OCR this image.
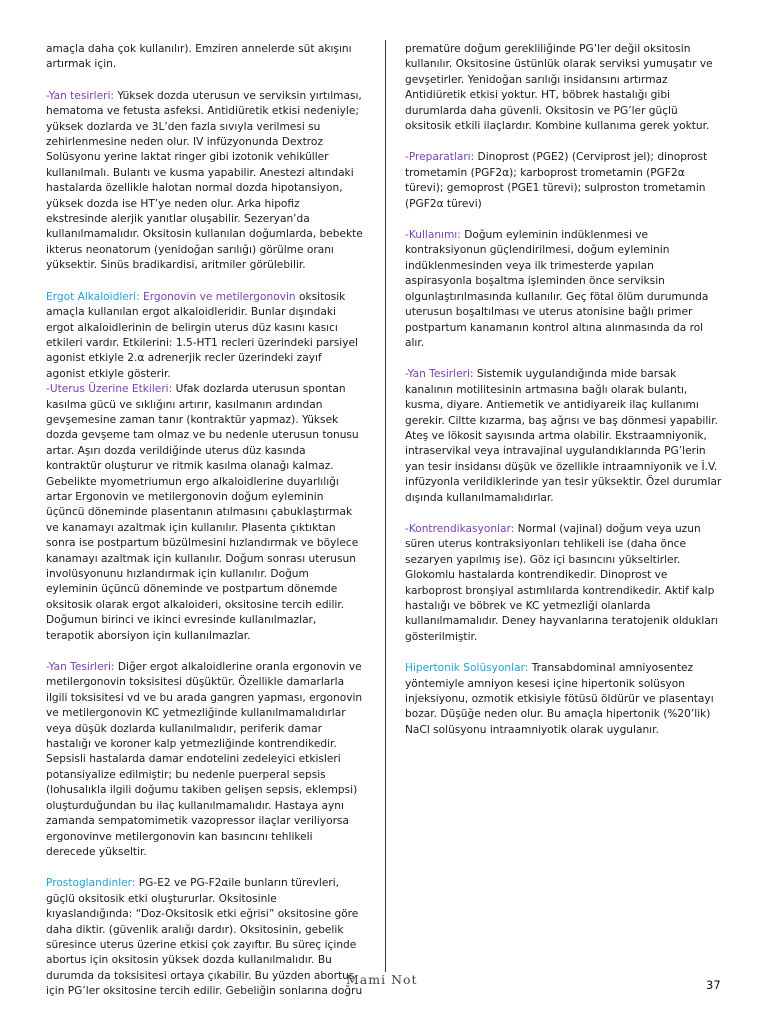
amaçla daha çok kullanılır). Emziren annelerde süt akışını artırmak için.

-Yan tesirleri: Yüksek dozda uterusun ve serviksin yırtılması, hematoma ve fetusta asfeksi. Antidiüretik etkisi nedeniyle; yüksek dozlarda ve 3L’den fazla sıvıyla verilmesi su zehirlenmesine neden olur. IV infüzyonunda Dextroz Solüsyonu yerine laktat ringer gibi izotonik vehiküller kullanılmalı. Bulantı ve kusma yapabilir. Anestezi altındaki hastalarda özellikle halotan normal dozda hipotansiyon, yüksek dozda ise HT’ye neden olur. Arka hipofiz ekstresinde alerjik yanıtlar oluşabilir. Sezeryan’da kullanılmamalıdır. Oksitosin kullanılan doğumlarda, bebekte ikterus neonatorum (yenidoğan sarılığı) görülme oranı yüksektir. Sinüs bradikardisi, aritmiler görülebilir.

Ergot Alkaloidleri: Ergonovin ve metilergonovin oksitosik amaçla kullanılan ergot alkaloidleridir. Bunlar dışındaki ergot alkaloidlerinin de belirgin uterus düz kasını kasıcı etkileri vardır. Etkilerini: 1.5-HT1 recleri üzerindeki parsiyel agonist etkiyle 2.α adrenerjik recler üzerindeki zayıf agonist etkiyle gösterir.

-Uterus Üzerine Etkileri: Ufak dozlarda uterusun spontan kasılma gücü ve sıklığını artırır, kasılmanın ardından gevşemesine zaman tanır (kontraktür yapmaz). Yüksek dozda gevşeme tam olmaz ve bu nedenle uterusun tonusu artar. Aşırı dozda verildiğinde uterus düz kasında kontraktür oluşturur ve ritmik kasılma olanağı kalmaz. Gebelikte myometriumun ergo alkaloidlerine duyarlılığı artar Ergonovin ve metilergonovin doğum eyleminin üçüncü döneminde plasentanın atılmasını çabuklaştırmak ve kanamayı azaltmak için kullanılır. Plasenta çıktıktan sonra ise postpartum büzülmesini hızlandırmak ve böylece kanamayı azaltmak için kullanılır. Doğum sonrası uterusun involüsyonunu hızlandırmak için kullanılır. Doğum eyleminin üçüncü döneminde ve postpartum dönemde oksitosik olarak ergot alkaloideri, oksitosine tercih edilir. Doğumun birinci ve ikinci evresinde kullanılmazlar, terapotik aborsiyon için kullanılmazlar.

-Yan Tesirleri: Diğer ergot alkaloidlerine oranla ergonovin ve metilergonovin toksisitesi düşüktür. Özellikle damarlarla ilgili toksisitesi vd ve bu arada gangren yapması, ergonovin ve metilergonovin KC yetmezliğinde kullanılmamalıdırlar veya düşük dozlarda kullanılmalıdır, periferik damar hastalığı ve koroner kalp yetmezliğinde kontrendikedir. Sepsisli hastalarda damar endotelini zedeleyici etkisleri potansiyalize edilmiştir; bu nedenle puerperal sepsis (lohusalıkla ilgili doğumu takiben gelişen sepsis, eklempsi) oluşturduğundan bu ilaç kullanılmamalıdır. Hastaya aynı zamanda sempatomimetik vazopressor ilaçlar veriliyorsa ergonovinve metilergonovin kan basıncını tehlikeli derecede yükseltir.

Prostoglandinler: PG-E2 ve PG-F2αile bunların türevleri, güçlü oksitosik etki oluştururlar. Oksitosinle kıyaslandığında: “Doz-Oksitosik etki eğrisi” oksitosine göre daha diktir. (güvenlik aralığı dardır). Oksitosinin, gebelik süresince uterus üzerine etkisi çok zayıftır. Bu süreç içinde abortus için oksitosin yüksek dozda kullanılmalıdır. Bu durumda da toksisitesi ortaya çıkabilir. Bu yüzden abortus için PG’ler oksitosine tercih edilir. Gebeliğin sonlarına doğru

prematüre doğum gerekliliğinde PG’ler değil oksitosin kullanılır. Oksitosine üstünlük olarak serviksi yumuşatır ve gevşetirler. Yenidoğan sarılığı insidansını artırmaz Antidiüretik etkisi yoktur. HT, böbrek hastalığı gibi durumlarda daha güvenli. Oksitosin ve PG’ler güçlü oksitosik etkili ilaçlardır. Kombine kullanıma gerek yoktur.

-Preparatları: Dinoprost (PGE2) (Cerviprost jel); dinoprost trometamin (PGF2α); karboprost trometamin (PGF2α türevi); gemoprost (PGE1 türevi); sulproston trometamin (PGF2α türevi)

-Kullanımı: Doğum eyleminin indüklenmesi ve kontraksiyonun güçlendirilmesi, doğum eyleminin indüklenmesinden veya ilk trimesterde yapılan aspirasyonla boşaltma işleminden önce serviksin olgunlaştırılmasında kullanılır. Geç fötal ölüm durumunda uterusun boşaltılması ve uterus atonisine bağlı primer postpartum kanamanın kontrol altına alınmasında da rol alır.

-Yan Tesirleri: Sistemik uygulandığında mide barsak kanalının motilitesinin artmasına bağlı olarak bulantı, kusma, diyare. Antiemetik ve antidiyareik ilaç kullanımı gerekir. Ciltte kızarma, baş ağrısı ve baş dönmesi yapabilir. Ateş ve lökosit sayısında artma olabilir. Ekstraamniyonik, intraservikal veya intravajinal uygulandıklarında PG’lerin yan tesir insidansı düşük ve özellikle intraamniyonik ve İ.V. infüzyonla verildiklerinde yan tesir yüksektir. Özel durumlar dışında kullanılmamalıdırlar.

-Kontrendikasyonlar: Normal (vajinal) doğum veya uzun süren uterus kontraksiyonları tehlikeli ise (daha önce sezaryen yapılmış ise). Göz içi basıncını yükseltirler. Glokomlu hastalarda kontrendikedir. Dinoprost ve karboprost bronşiyal astımlılarda kontrendikedir. Aktif kalp hastalığı ve böbrek ve KC yetmezliği olanlarda kullanılmamalıdır. Deney hayvanlarına teratojenik oldukları gösterilmiştir.

Hipertonik Solüsyonlar: Transabdominal amniyosentez yöntemiyle amniyon kesesi içine hipertonik solüsyon injeksiyonu, ozmotik etkisiyle fötüsü öldürür ve plasentayı bozar. Düşüğe neden olur. Bu amaçla hipertonik (%20’lik) NaCl solüsyonu intraamniyotik olarak uygulanır.

Mami Not	37
